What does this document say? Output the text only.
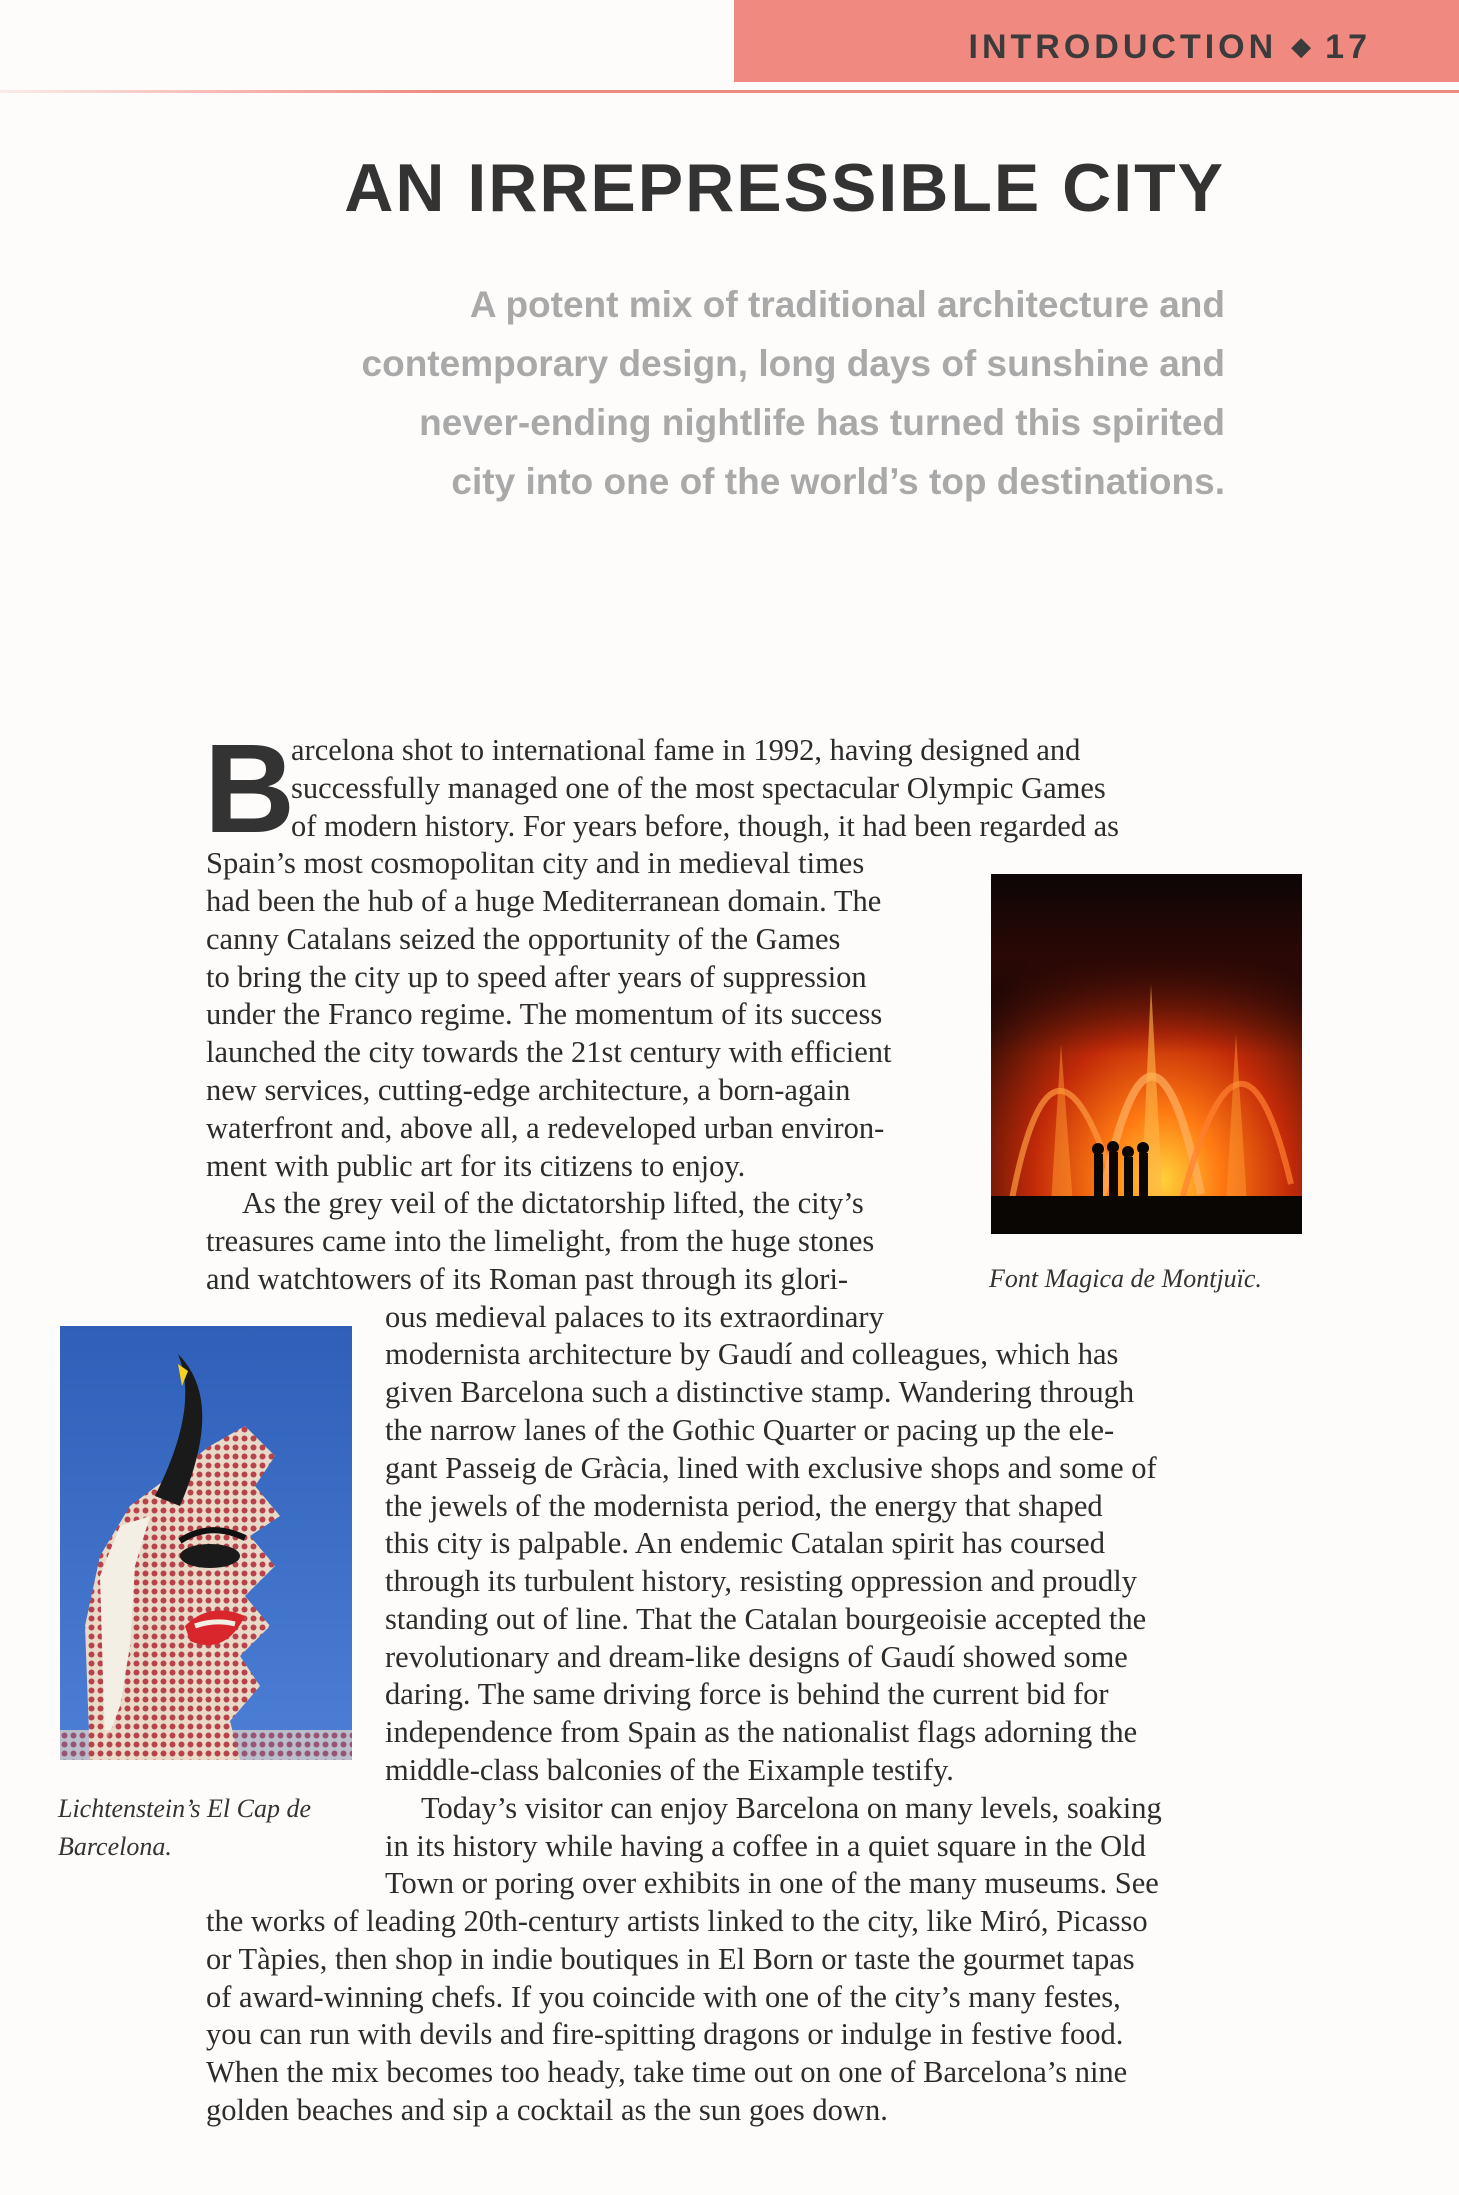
INTRODUCTION ◆ 17
AN IRREPRESSIBLE CITY
A potent mix of traditional architecture and
contemporary design, long days of sunshine and
never-ending nightlife has turned this spirited
city into one of the world’s top destinations.
B
Font Magica de Montjuïc.
Lichtenstein’s El Cap de
Barcelona.
arcelona shot to international fame in 1992, having designed and
successfully managed one of the most spectacular Olympic Games
of modern history. For years before, though, it had been regarded as
Spain’s most cosmopolitan city and in medieval times
had been the hub of a huge Mediterranean domain. The
canny Catalans seized the opportunity of the Games
to bring the city up to speed after years of suppression
under the Franco regime. The momentum of its success
launched the city towards the 21st century with efficient
new services, cutting-edge architecture, a born-again
waterfront and, above all, a redeveloped urban environ-
ment with public art for its citizens to enjoy.
As the grey veil of the dictatorship lifted, the city’s
treasures came into the limelight, from the huge stones
and watchtowers of its Roman past through its glori-
ous medieval palaces to its extraordinary
modernista architecture by Gaudí and colleagues, which has
given Barcelona such a distinctive stamp. Wandering through
the narrow lanes of the Gothic Quarter or pacing up the ele-
gant Passeig de Gràcia, lined with exclusive shops and some of
the jewels of the modernista period, the energy that shaped
this city is palpable. An endemic Catalan spirit has coursed
through its turbulent history, resisting oppression and proudly
standing out of line. That the Catalan bourgeoisie accepted the
revolutionary and dream-like designs of Gaudí showed some
daring. The same driving force is behind the current bid for
independence from Spain as the nationalist flags adorning the
middle-class balconies of the Eixample testify.
Today’s visitor can enjoy Barcelona on many levels, soaking
in its history while having a coffee in a quiet square in the Old
Town or poring over exhibits in one of the many museums. See
the works of leading 20th-century artists linked to the city, like Miró, Picasso
or Tàpies, then shop in indie boutiques in El Born or taste the gourmet tapas
of award-winning chefs. If you coincide with one of the city’s many festes,
you can run with devils and fire-spitting dragons or indulge in festive food.
When the mix becomes too heady, take time out on one of Barcelona’s nine
golden beaches and sip a cocktail as the sun goes down.
